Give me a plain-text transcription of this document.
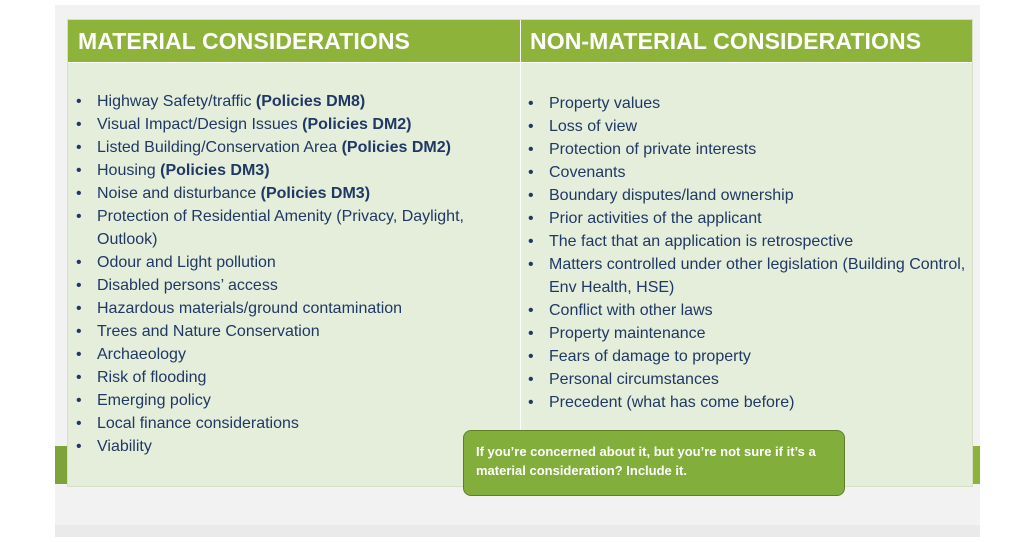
MATERIAL CONSIDERATIONS	NON-MATERIAL CONSIDERATIONS
• Highway Safety/traffic (Policies DM8)
• Visual Impact/Design Issues (Policies DM2)
• Listed Building/Conservation Area (Policies DM2)
• Housing (Policies DM3)
• Noise and disturbance (Policies DM3)
• Protection of Residential Amenity (Privacy, Daylight, Outlook)
• Odour and Light pollution
• Disabled persons’ access
• Hazardous materials/ground contamination
• Trees and Nature Conservation
• Archaeology
• Risk of flooding
• Emerging policy
• Local finance considerations
• Viability
• Property values
• Loss of view
• Protection of private interests
• Covenants
• Boundary disputes/land ownership
• Prior activities of the applicant
• The fact that an application is retrospective
• Matters controlled under other legislation (Building Control, Env Health, HSE)
• Conflict with other laws
• Property maintenance
• Fears of damage to property
• Personal circumstances
• Precedent (what has come before)
If you’re concerned about it, but you’re not sure if it’s a material consideration? Include it.
